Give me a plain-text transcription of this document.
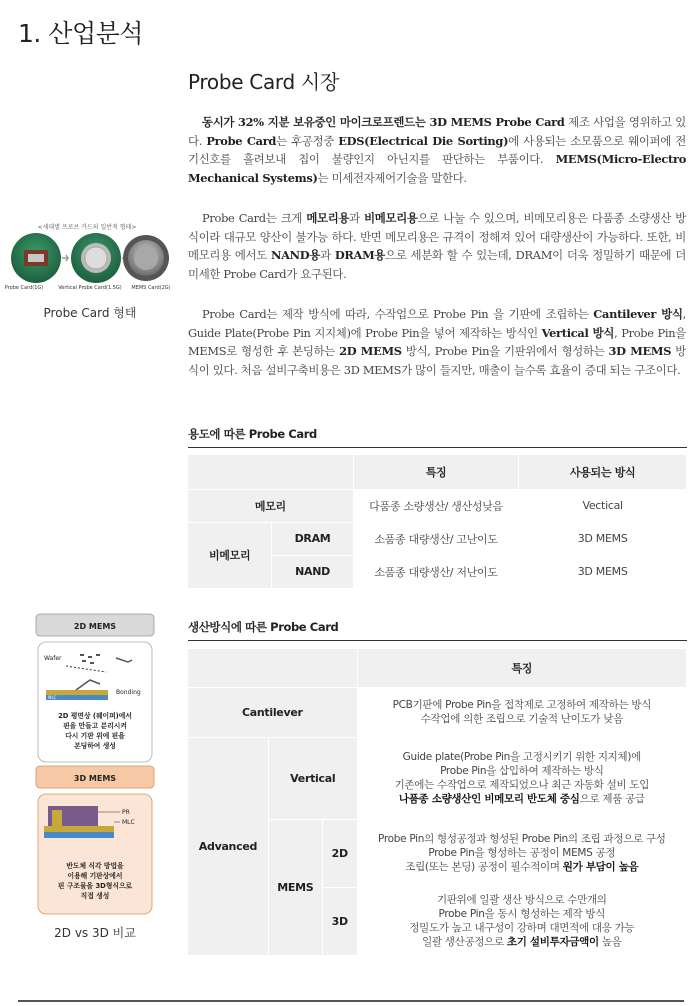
1. 산업분석
Probe Card 시장
동시가 32% 지분 보유중인 마이크로프렌드는 3D MEMS Probe Card 제조 사업을 영위하고 있다. Probe Card는 후공정중 EDS(Electrical Die Sorting)에 사용되는 소모품으로 웨이퍼에 전기신호를 흘려보내 칩이 불량인지 아닌지를 판단하는 부품이다. MEMS(Micro-Electro Mechanical Systems)는 미세전자제어기술을 말한다.
Probe Card는 크게 메모리용과 비메모리용으로 나눌 수 있으며, 비메모리용은 다품종 소량생산 방식이라 대규모 양산이 불가능 하다. 반면 메모리용은 규격이 정해져 있어 대량생산이 가능하다. 또한, 비메모리용 에서도 NAND용과 DRAM용으로 세분화 할 수 있는데, DRAM이 더욱 정밀하기 때문에 더 미세한 Probe Card가 요구된다.
Probe Card는 제작 방식에 따라, 수작업으로 Probe Pin 을 기판에 조립하는 Cantilever 방식, Guide Plate(Probe Pin 지지체)에 Probe Pin을 넣어 제작하는 방식인 Vertical 방식, Probe Pin을 MEMS로 형성한 후 본딩하는 2D MEMS 방식, Probe Pin을 기판위에서 형성하는 3D MEMS 방식이 있다. 처음 설비구축비용은 3D MEMS가 많이 들지만, 매출이 늘수록 효율이 증대 되는 구조이다.
<세대별 프로브 카드의 일반적 형태>
Probe Card(1G)	Vertical Probe Card(1.5G) MEMS Card(2G)
Probe Card 형태
용도에 따른 Probe Card
		특징	사용되는 방식
메모리		다품종 소량생산/ 생산성낮음	Vectical
비메모리	DRAM	소품종 대량생산/ 고난이도	3D MEMS
	NAND	소품종 대량생산/ 저난이도	3D MEMS
생산방식에 따른 Probe Card
			특징
Cantilever			PCB기판에 Probe Pin을 접착제로 고정하여 제작하는 방식
수작업에 의한 조립으로 기술적 난이도가 낮음

Advanced	Vertical		Guide plate(Probe Pin을 고정시키기 위한 지지체)에
Probe Pin을 삽입하여 제작하는 방식
기존에는 수작업으로 제작되었으나 최근 자동화 설비 도입
나품종 소량생산인 비메모리 반도체 중심으로 제품 공급

	MEMS	2D	Probe Pin의 형성공정과 형성된 Probe Pin의 조립 과정으로 구성
Probe Pin을 형성하는 공정이 MEMS 공정
조립(또는 본딩) 공정이 필수적이며 원가 부담이 높음

		3D	기판위에 일괄 생산 방식으로 수만개의
Probe Pin을 동시 형성하는 제작 방식
정밀도가 높고 내구성이 강하며 대면적에 대응 가능
일괄 생산공정으로 초기 설비투자금액이 높음
2D MEMS
Wafer
Bonding
MLC
2D 평면상 (웨이퍼)에서
핀을 만들고 분리시켜
다시 기판 위에 핀을
본딩하여 생성
3D MEMS
PR
MLC
반도체 식각 방법을
이용해 기판상에서
핀 구조물을 3D형식으로
직접 생성
2D vs 3D 비교
